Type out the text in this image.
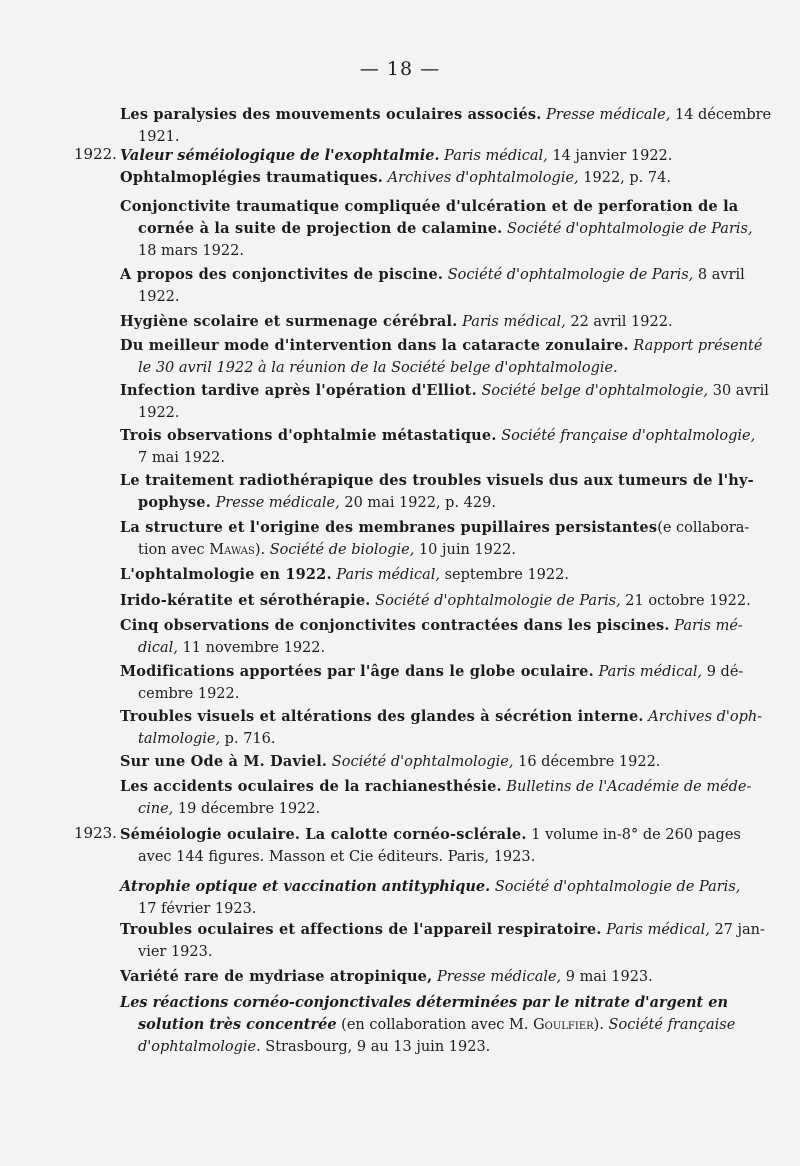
— 18 —
1922.
1923.
Les paralysies des mouvements oculaires associés. Presse médicale, 14 décembre
1921.
Valeur séméiologique de l'exophtalmie. Paris médical, 14 janvier 1922.
Ophtalmoplégies traumatiques. Archives d'ophtalmologie, 1922, p. 74.
Conjonctivite traumatique compliquée d'ulcération et de perforation de la
cornée à la suite de projection de calamine. Société d'ophtalmologie de Paris,
18 mars 1922.
A propos des conjonctivites de piscine. Société d'ophtalmologie de Paris, 8 avril
1922.
Hygiène scolaire et surmenage cérébral. Paris médical, 22 avril 1922.
Du meilleur mode d'intervention dans la cataracte zonulaire. Rapport présenté
le 30 avril 1922 à la réunion de la Société belge d'ophtalmologie.
Infection tardive après l'opération d'Elliot. Société belge d'ophtalmologie, 30 avril
1922.
Trois observations d'ophtalmie métastatique. Société française d'ophtalmologie,
7 mai 1922.
Le traitement radiothérapique des troubles visuels dus aux tumeurs de l'hy-
pophyse. Presse médicale, 20 mai 1922, p. 429.
La structure et l'origine des membranes pupillaires persistantes(e collabora-
tion avec Mawas). Société de biologie, 10 juin 1922.
L'ophtalmologie en 1922. Paris médical, septembre 1922.
Irido-kératite et sérothérapie. Société d'ophtalmologie de Paris, 21 octobre 1922.
Cinq observations de conjonctivites contractées dans les piscines. Paris mé-
dical, 11 novembre 1922.
Modifications apportées par l'âge dans le globe oculaire. Paris médical, 9 dé-
cembre 1922.
Troubles visuels et altérations des glandes à sécrétion interne. Archives d'oph-
talmologie, p. 716.
Sur une Ode à M. Daviel. Société d'ophtalmologie, 16 décembre 1922.
Les accidents oculaires de la rachianesthésie. Bulletins de l'Académie de méde-
cine, 19 décembre 1922.
Séméiologie oculaire. La calotte cornéo-sclérale. 1 volume in-8° de 260 pages
avec 144 figures. Masson et Cie éditeurs. Paris, 1923.
Atrophie optique et vaccination antityphique. Société d'ophtalmologie de Paris,
17 février 1923.
Troubles oculaires et affections de l'appareil respiratoire. Paris médical, 27 jan-
vier 1923.
Variété rare de mydriase atropinique, Presse médicale, 9 mai 1923.
Les réactions cornéo-conjonctivales déterminées par le nitrate d'argent en
solution très concentrée (en collaboration avec M. Goulfier). Société française
d'ophtalmologie. Strasbourg, 9 au 13 juin 1923.
